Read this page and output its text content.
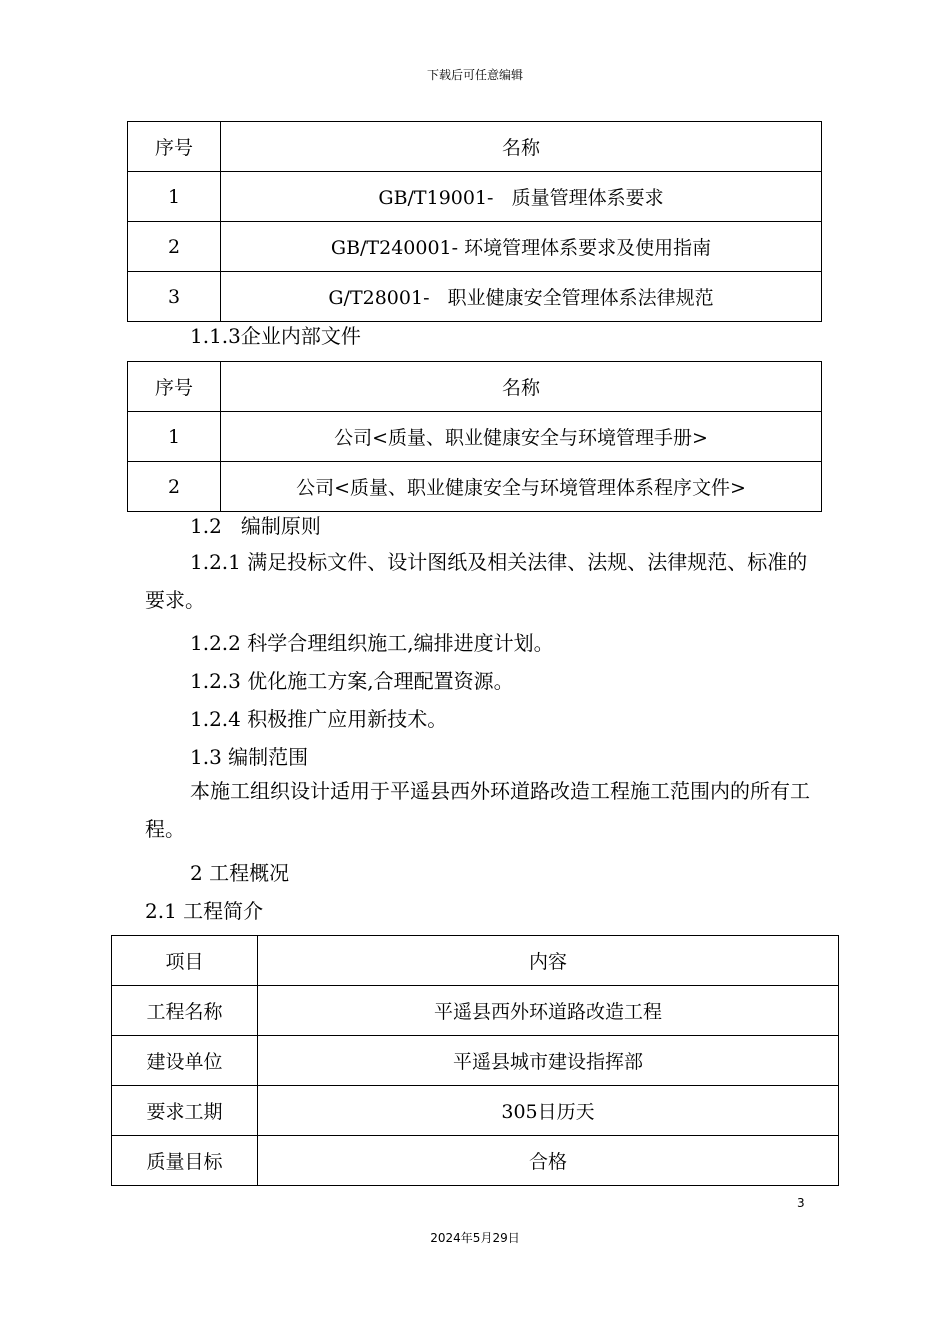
下载后可任意编辑
序号	名称
1	GB/T19001-   质量管理体系要求
2	GB/T240001- 环境管理体系要求及使用指南
3	G/T28001-   职业健康安全管理体系法律规范
1.1.3企业内部文件
序号	名称
1	公司<质量、职业健康安全与环境管理手册>
2	公司<质量、职业健康安全与环境管理体系程序文件>
1.2   编制原则
1.2.1 满足投标文件、设计图纸及相关法律、法规、法律规范、标准的要求。
1.2.2 科学合理组织施工,编排进度计划。
1.2.3 优化施工方案,合理配置资源。
1.2.4 积极推广应用新技术。
1.3 编制范围
本施工组织设计适用于平遥县西外环道路改造工程施工范围内的所有工程。
2 工程概况
2.1 工程简介
项目	内容
工程名称	平遥县西外环道路改造工程
建设单位	平遥县城市建设指挥部
要求工期	305日历天
质量目标	合格
3
2024年5月29日
